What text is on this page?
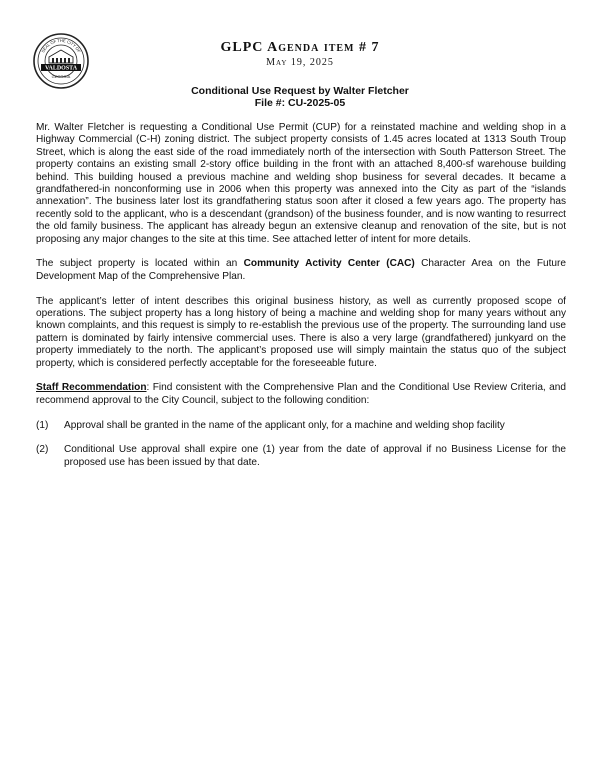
VALDOSTA
SEAL OF THE CITY OF
GEORGIA
GLPC Agenda item # 7
May 19, 2025
Conditional Use Request by Walter Fletcher
File #: CU-2025-05

Mr. Walter Fletcher is requesting a Conditional Use Permit (CUP) for a reinstated machine and welding shop in a Highway Commercial (C-H) zoning district. The subject property consists of 1.45 acres located at 1313 South Troup Street, which is along the east side of the road immediately north of the intersection with South Patterson Street. The property contains an existing small 2-story office building in the front with an attached 8,400-sf warehouse building behind. This building housed a previous machine and welding shop business for several decades. It became a grandfathered-in nonconforming use in 2006 when this property was annexed into the City as part of the “islands annexation”. The business later lost its grandfathering status soon after it closed a few years ago. The property has recently sold to the applicant, who is a descendant (grandson) of the business founder, and is now wanting to resurrect the old family business. The applicant has already begun an extensive cleanup and renovation of the site, but is not proposing any major changes to the site at this time. See attached letter of intent for more details.

The subject property is located within an Community Activity Center (CAC) Character Area on the Future Development Map of the Comprehensive Plan.

The applicant’s letter of intent describes this original business history, as well as currently proposed scope of operations. The subject property has a long history of being a machine and welding shop for many years without any known complaints, and this request is simply to re-establish the previous use of the property. The surrounding land use pattern is dominated by fairly intensive commercial uses. There is also a very large (grandfathered) junkyard on the property immediately to the north. The applicant’s proposed use will simply maintain the status quo of the subject property, which is considered perfectly acceptable for the foreseeable future.

Staff Recommendation: Find consistent with the Comprehensive Plan and the Conditional Use Review Criteria, and recommend approval to the City Council, subject to the following condition:

(1)	Approval shall be granted in the name of the applicant only, for a machine and welding shop facility
(2)	Conditional Use approval shall expire one (1) year from the date of approval if no Business License for the proposed use has been issued by that date.
